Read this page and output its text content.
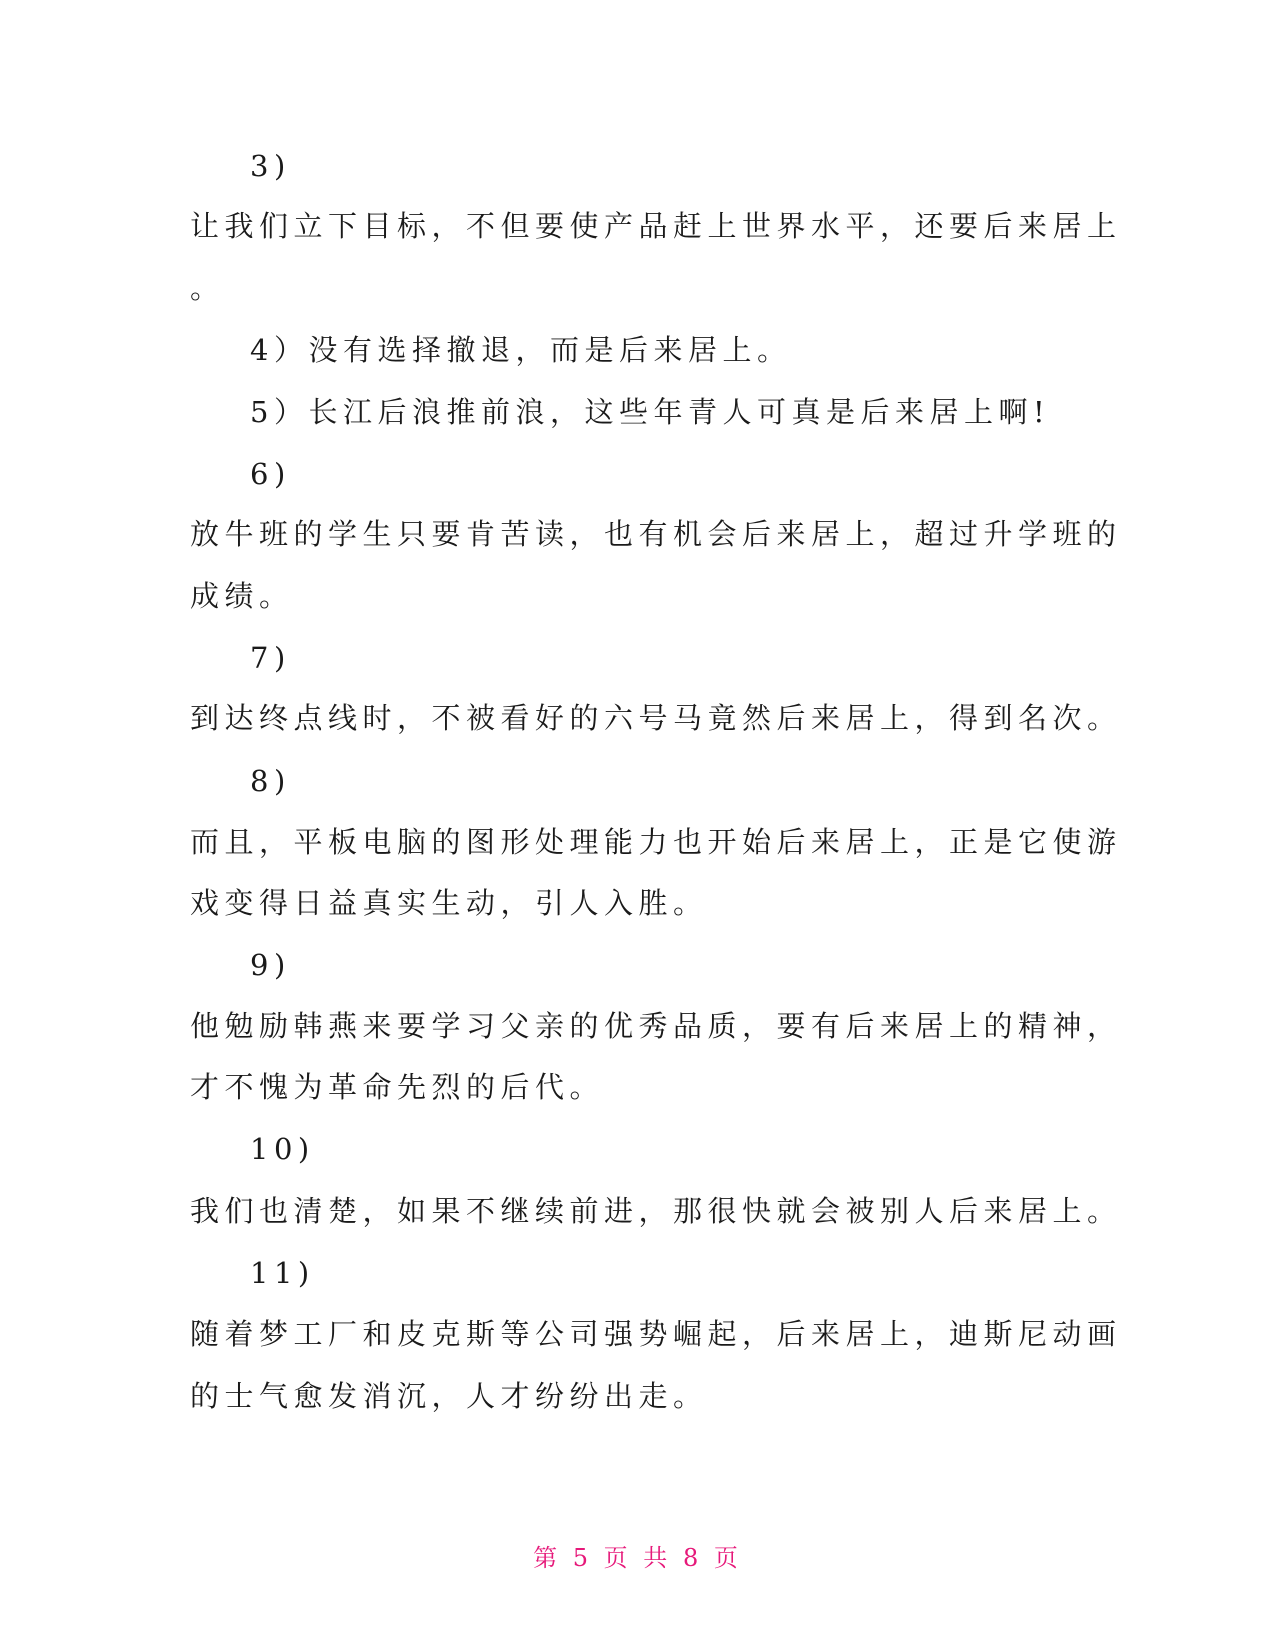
3)
让我们立下目标，不但要使产品赶上世界水平，还要后来居上
。
4）没有选择撤退，而是后来居上。
5）长江后浪推前浪，这些年青人可真是后来居上啊!
6)
放牛班的学生只要肯苦读，也有机会后来居上，超过升学班的
成绩。
7)
到达终点线时，不被看好的六号马竟然后来居上，得到名次。
8)
而且，平板电脑的图形处理能力也开始后来居上，正是它使游
戏变得日益真实生动，引人入胜。
9)
他勉励韩燕来要学习父亲的优秀品质，要有后来居上的精神，
才不愧为革命先烈的后代。
10)
我们也清楚，如果不继续前进，那很快就会被别人后来居上。
11)
随着梦工厂和皮克斯等公司强势崛起，后来居上，迪斯尼动画
的士气愈发消沉，人才纷纷出走。
第 5 页 共 8 页
